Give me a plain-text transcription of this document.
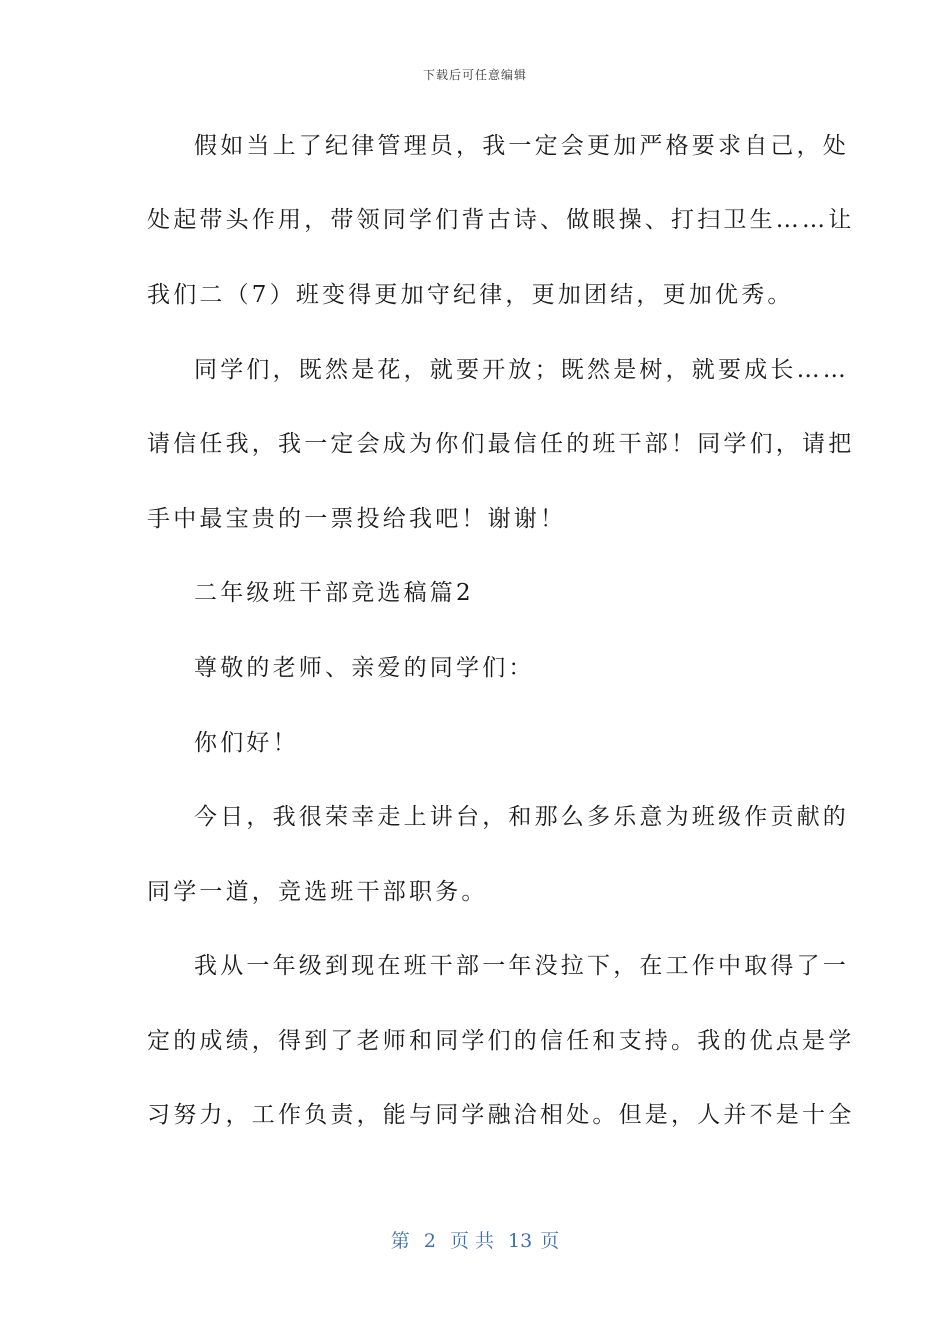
下载后可任意编辑
假如当上了纪律管理员，我一定会更加严格要求自己，处
处起带头作用，带领同学们背古诗、做眼操、打扫卫生……让
我们二（7）班变得更加守纪律，更加团结，更加优秀。
同学们，既然是花，就要开放；既然是树，就要成长……
请信任我，我一定会成为你们最信任的班干部！同学们，请把
手中最宝贵的一票投给我吧！谢谢！
二年级班干部竞选稿篇2
尊敬的老师、亲爱的同学们：
你们好！
今日，我很荣幸走上讲台，和那么多乐意为班级作贡献的
同学一道，竞选班干部职务。
我从一年级到现在班干部一年没拉下，在工作中取得了一
定的成绩，得到了老师和同学们的信任和支持。我的优点是学
习努力，工作负责，能与同学融洽相处。但是，人并不是十全
第 2 页 共 13 页
